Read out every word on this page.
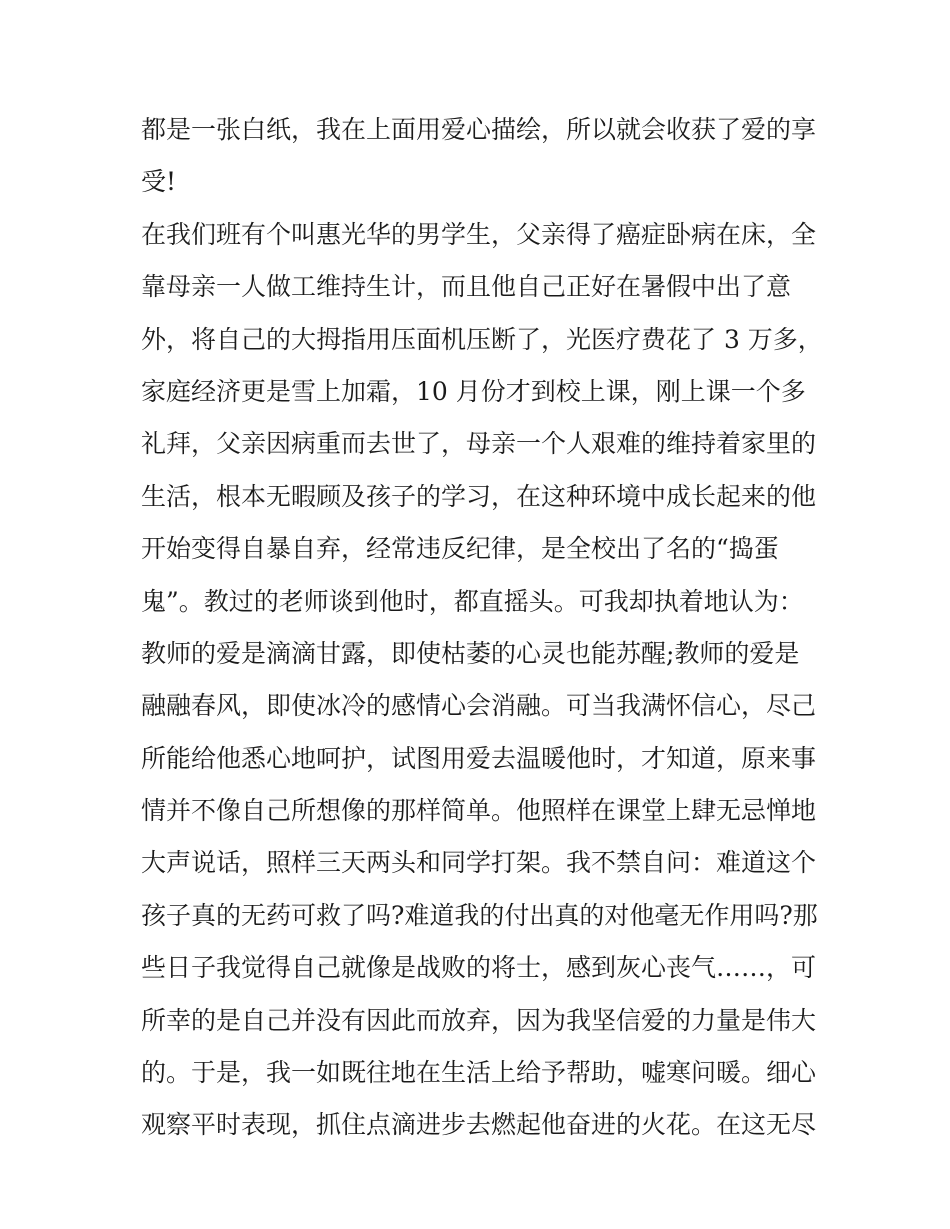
都是一张白纸，我在上面用爱心描绘，所以就会收获了爱的享
受!
在我们班有个叫惠光华的男学生，父亲得了癌症卧病在床，全
靠母亲一人做工维持生计，而且他自己正好在暑假中出了意
外，将自己的大拇指用压面机压断了，光医疗费花了 3 万多，
家庭经济更是雪上加霜，10 月份才到校上课，刚上课一个多
礼拜，父亲因病重而去世了，母亲一个人艰难的维持着家里的
生活，根本无暇顾及孩子的学习，在这种环境中成长起来的他
开始变得自暴自弃，经常违反纪律，是全校出了名的“捣蛋
鬼”。教过的老师谈到他时，都直摇头。可我却执着地认为：
教师的爱是滴滴甘露，即使枯萎的心灵也能苏醒;教师的爱是
融融春风，即使冰冷的感情心会消融。可当我满怀信心，尽己
所能给他悉心地呵护，试图用爱去温暖他时，才知道，原来事
情并不像自己所想像的那样简单。他照样在课堂上肆无忌惮地
大声说话，照样三天两头和同学打架。我不禁自问：难道这个
孩子真的无药可救了吗?难道我的付出真的对他毫无作用吗?那
些日子我觉得自己就像是战败的将士，感到灰心丧气……，可
所幸的是自己并没有因此而放弃，因为我坚信爱的力量是伟大
的。于是，我一如既往地在生活上给予帮助，嘘寒问暖。细心
观察平时表现，抓住点滴进步去燃起他奋进的火花。在这无尽
